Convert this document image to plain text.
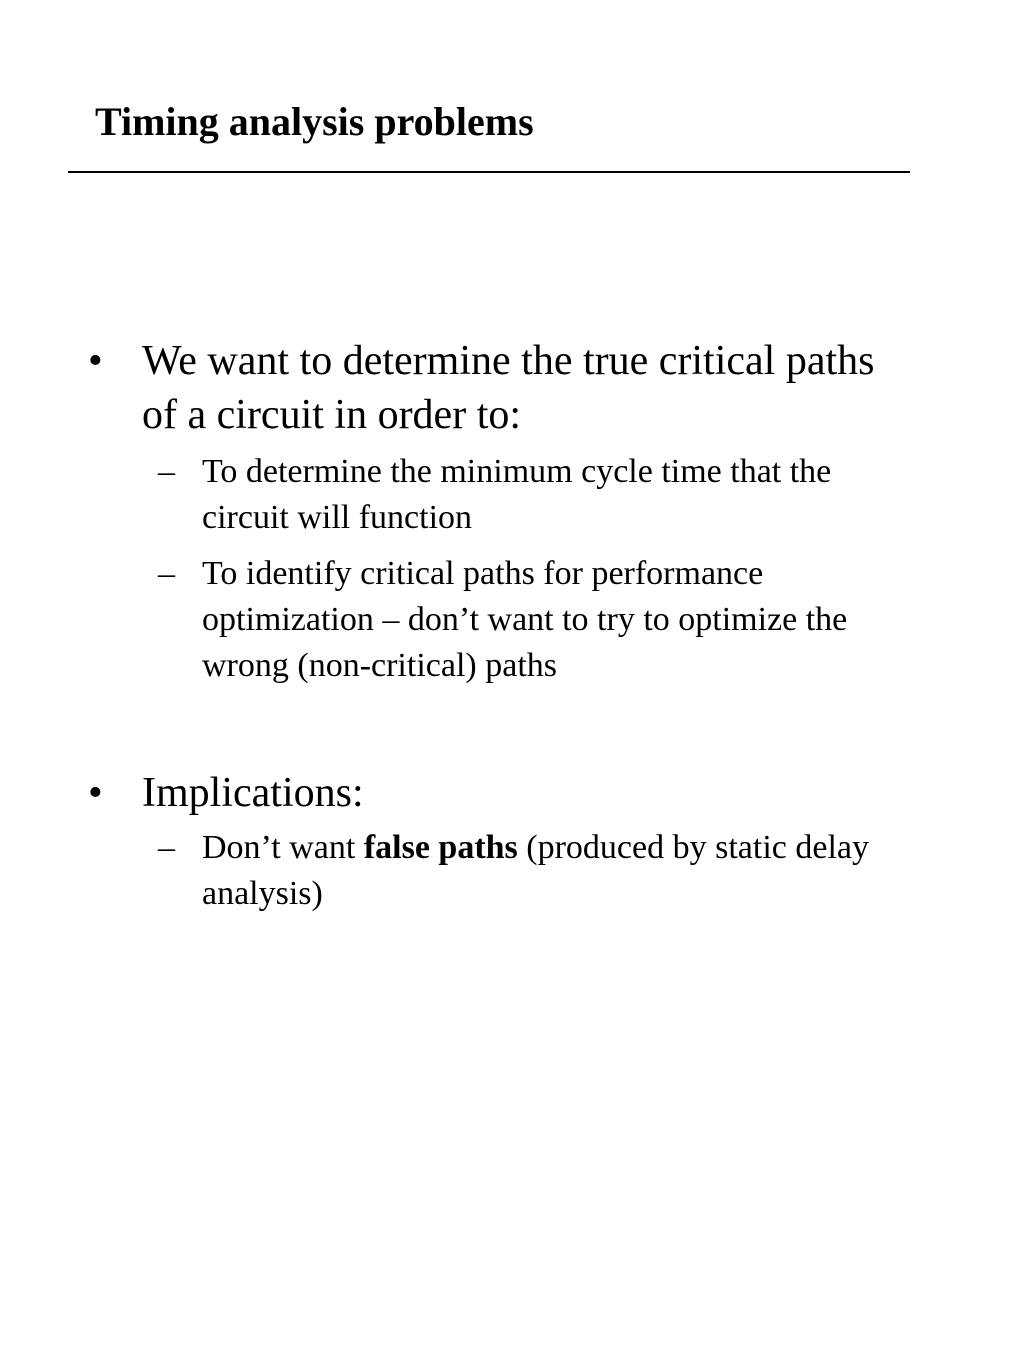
Timing analysis problems
• We want to determine the true critical paths
of a circuit in order to:
– To determine the minimum cycle time that the
circuit will function
– To identify critical paths for performance
optimization – don’t want to try to optimize the
wrong (non-critical) paths
• Implications:
– Don’t want false paths (produced by static delay
analysis)
